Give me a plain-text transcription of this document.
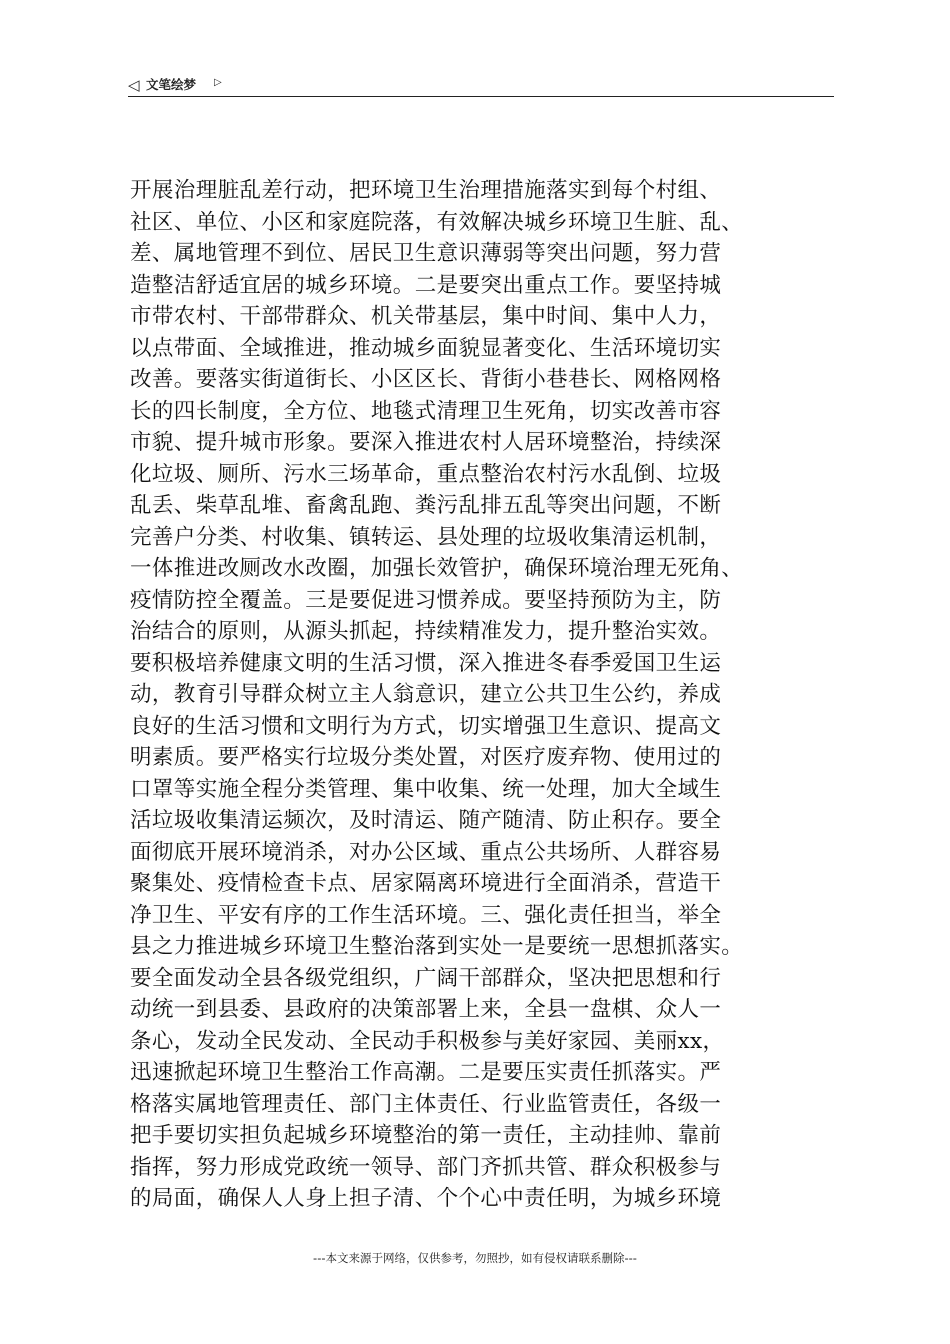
◁ 文笔绘梦 ▷
开展治理脏乱差行动，把环境卫生治理措施落实到每个村组、
社区、单位、小区和家庭院落，有效解决城乡环境卫生脏、乱、
差、属地管理不到位、居民卫生意识薄弱等突出问题，努力营
造整洁舒适宜居的城乡环境。二是要突出重点工作。要坚持城
市带农村、干部带群众、机关带基层，集中时间、集中人力，
以点带面、全域推进，推动城乡面貌显著变化、生活环境切实
改善。要落实街道街长、小区区长、背街小巷巷长、网格网格
长的四长制度，全方位、地毯式清理卫生死角，切实改善市容
市貌、提升城市形象。要深入推进农村人居环境整治，持续深
化垃圾、厕所、污水三场革命，重点整治农村污水乱倒、垃圾
乱丢、柴草乱堆、畜禽乱跑、粪污乱排五乱等突出问题，不断
完善户分类、村收集、镇转运、县处理的垃圾收集清运机制，
一体推进改厕改水改圈，加强长效管护，确保环境治理无死角、
疫情防控全覆盖。三是要促进习惯养成。要坚持预防为主，防
治结合的原则，从源头抓起，持续精准发力，提升整治实效。
要积极培养健康文明的生活习惯，深入推进冬春季爱国卫生运
动，教育引导群众树立主人翁意识，建立公共卫生公约，养成
良好的生活习惯和文明行为方式，切实增强卫生意识、提高文
明素质。要严格实行垃圾分类处置，对医疗废弃物、使用过的
口罩等实施全程分类管理、集中收集、统一处理，加大全域生
活垃圾收集清运频次，及时清运、随产随清、防止积存。要全
面彻底开展环境消杀，对办公区域、重点公共场所、人群容易
聚集处、疫情检查卡点、居家隔离环境进行全面消杀，营造干
净卫生、平安有序的工作生活环境。三、强化责任担当，举全
县之力推进城乡环境卫生整治落到实处一是要统一思想抓落实。
要全面发动全县各级党组织，广阔干部群众，坚决把思想和行
动统一到县委、县政府的决策部署上来，全县一盘棋、众人一
条心，发动全民发动、全民动手积极参与美好家园、美丽xx，
迅速掀起环境卫生整治工作高潮。二是要压实责任抓落实。严
格落实属地管理责任、部门主体责任、行业监管责任，各级一
把手要切实担负起城乡环境整治的第一责任，主动挂帅、靠前
指挥，努力形成党政统一领导、部门齐抓共管、群众积极参与
的局面，确保人人身上担子清、个个心中责任明，为城乡环境
---本文来源于网络，仅供参考，勿照抄，如有侵权请联系删除---
